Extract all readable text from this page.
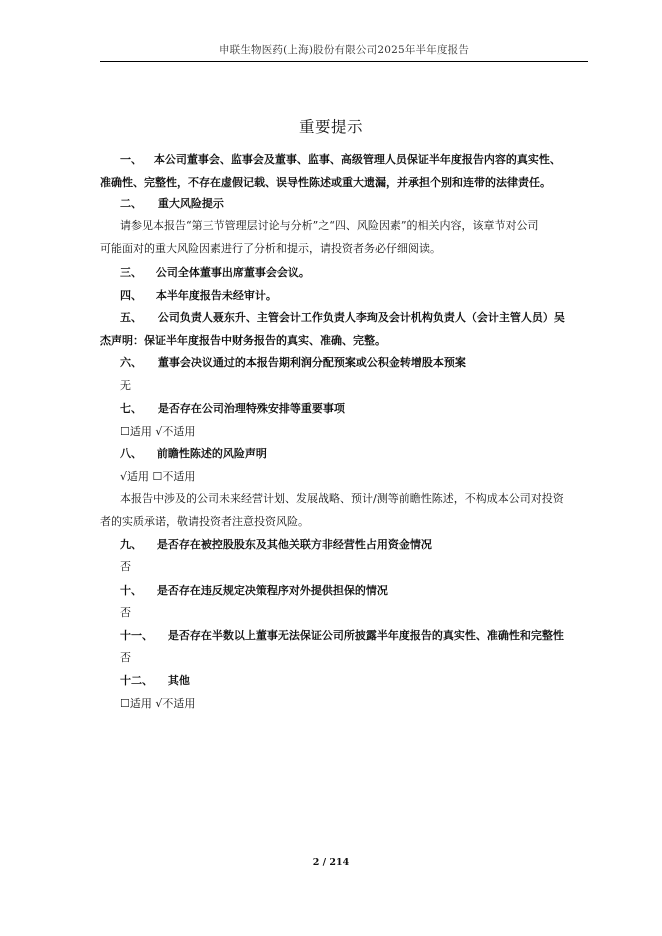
申联生物医药(上海)股份有限公司2025年半年度报告
重要提示
一、 本公司董事会、监事会及董事、监事、高级管理人员保证半年度报告内容的真实性、
准确性、完整性，不存在虚假记载、误导性陈述或重大遗漏，并承担个别和连带的法律责任。
二、 重大风险提示
请参见本报告“第三节管理层讨论与分析”之“四、风险因素”的相关内容，该章节对公司
可能面对的重大风险因素进行了分析和提示，请投资者务必仔细阅读。
三、 公司全体董事出席董事会会议。
四、 本半年度报告未经审计。
五、 公司负责人聂东升、主管会计工作负责人李珣及会计机构负责人（会计主管人员）吴
杰声明：保证半年度报告中财务报告的真实、准确、完整。
六、 董事会决议通过的本报告期利润分配预案或公积金转增股本预案
无
七、 是否存在公司治理特殊安排等重要事项
☐适用 √不适用
八、 前瞻性陈述的风险声明
√适用 ☐不适用
本报告中涉及的公司未来经营计划、发展战略、预计/测等前瞻性陈述，不构成本公司对投资
者的实质承诺，敬请投资者注意投资风险。
九、 是否存在被控股股东及其他关联方非经营性占用资金情况
否
十、 是否存在违反规定决策程序对外提供担保的情况
否
十一、 是否存在半数以上董事无法保证公司所披露半年度报告的真实性、准确性和完整性
否
十二、 其他
☐适用 √不适用
2 / 214
